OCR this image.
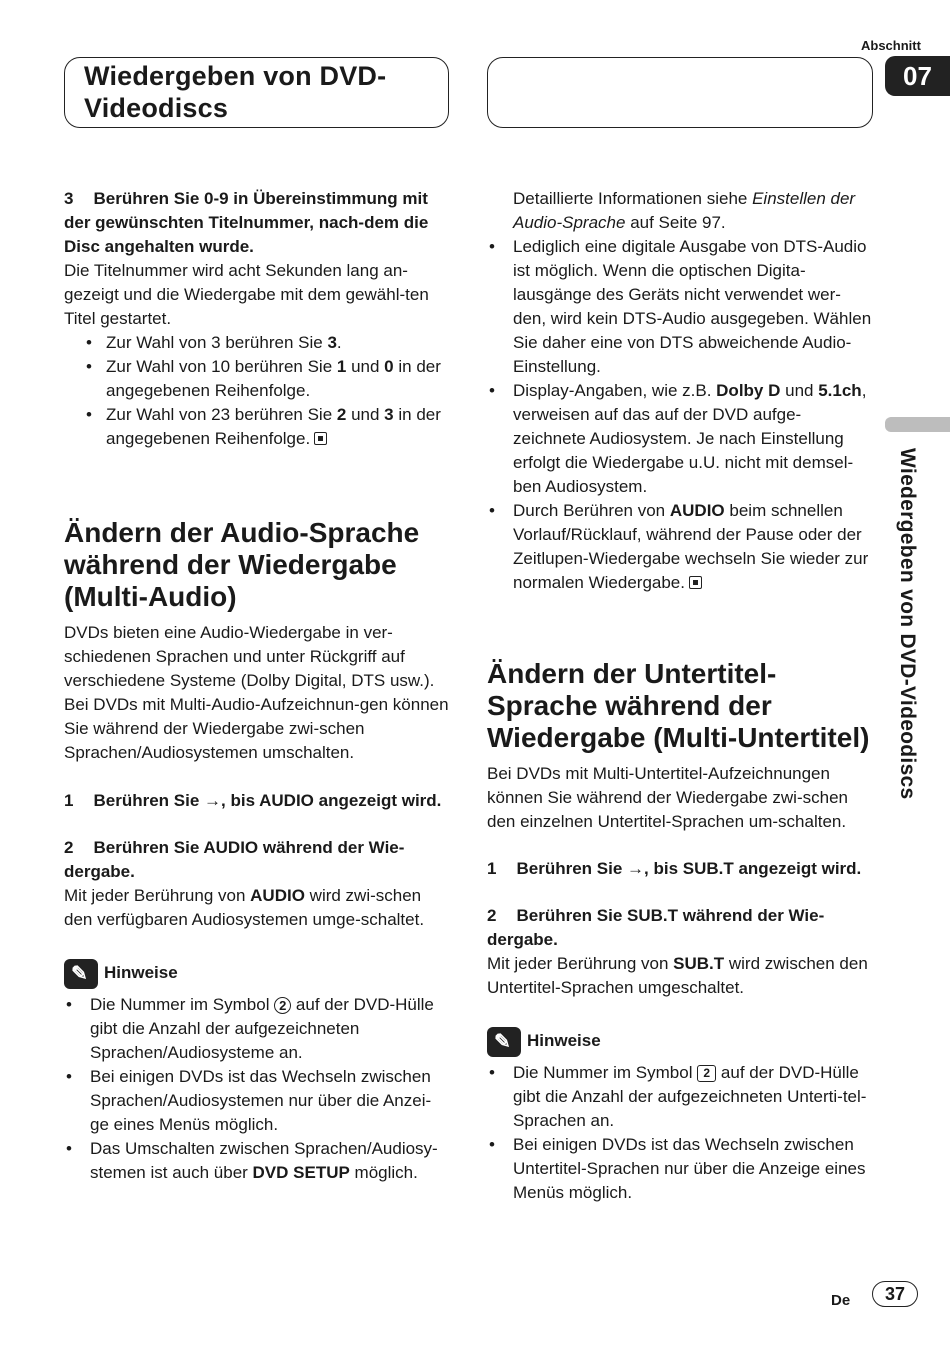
Wiedergeben von DVD-
Videodiscs
Abschnitt
07
Wiedergeben von DVD-Videodiscs

3 Berühren Sie 0-9 in Übereinstimmung mit der gewünschten Titelnummer, nach-dem die Disc angehalten wurde.

Die Titelnummer wird acht Sekunden lang an-gezeigt und die Wiedergabe mit dem gewähl-ten Titel gestartet.

• Zur Wahl von 3 berühren Sie 3.
• Zur Wahl von 10 berühren Sie 1 und 0 in der angegebenen Reihenfolge.
• Zur Wahl von 23 berühren Sie 2 und 3 in der angegebenen Reihenfolge.
Ändern der Audio-Sprache während der Wiedergabe (Multi-Audio)

DVDs bieten eine Audio-Wiedergabe in ver-schiedenen Sprachen und unter Rückgriff auf verschiedene Systeme (Dolby Digital, DTS usw.). Bei DVDs mit Multi-Audio-Aufzeichnun-gen können Sie während der Wiedergabe zwi-schen Sprachen/Audiosystemen umschalten.

1 Berühren Sie →, bis AUDIO angezeigt wird.

2 Berühren Sie AUDIO während der Wie-dergabe.

Mit jeder Berührung von AUDIO wird zwi-schen den verfügbaren Audiosystemen umge-schaltet.

✎Hinweise

• Die Nummer im Symbol 2 auf der DVD-Hülle gibt die Anzahl der aufgezeichneten Sprachen/Audiosysteme an.
• Bei einigen DVDs ist das Wechseln zwischen Sprachen/Audiosystemen nur über die Anzei-ge eines Menüs möglich.
• Das Umschalten zwischen Sprachen/Audiosy-stemen ist auch über DVD SETUP möglich.

Detaillierte Informationen siehe Einstellen der Audio-Sprache auf Seite 97.

• Lediglich eine digitale Ausgabe von DTS-Audio ist möglich. Wenn die optischen Digita-lausgänge des Geräts nicht verwendet wer-den, wird kein DTS-Audio ausgegeben. Wählen Sie daher eine von DTS abweichende Audio-Einstellung.
• Display-Angaben, wie z.B. Dolby D und 5.1ch, verweisen auf das auf der DVD aufge-zeichnete Audiosystem. Je nach Einstellung erfolgt die Wiedergabe u.U. nicht mit demsel-ben Audiosystem.
• Durch Berühren von AUDIO beim schnellen Vorlauf/Rücklauf, während der Pause oder der Zeitlupen-Wiedergabe wechseln Sie wieder zur normalen Wiedergabe.
Ändern der Untertitel-Sprache während der Wiedergabe (Multi-Untertitel)

Bei DVDs mit Multi-Untertitel-Aufzeichnungen können Sie während der Wiedergabe zwi-schen den einzelnen Untertitel-Sprachen um-schalten.

1 Berühren Sie →, bis SUB.T angezeigt wird.

2 Berühren Sie SUB.T während der Wie-dergabe.

Mit jeder Berührung von SUB.T wird zwischen den Untertitel-Sprachen umgeschaltet.

✎Hinweise

• Die Nummer im Symbol 2 auf der DVD-Hülle gibt die Anzahl der aufgezeichneten Unterti-tel-Sprachen an.
• Bei einigen DVDs ist das Wechseln zwischen Untertitel-Sprachen nur über die Anzeige eines Menüs möglich.
De	37
